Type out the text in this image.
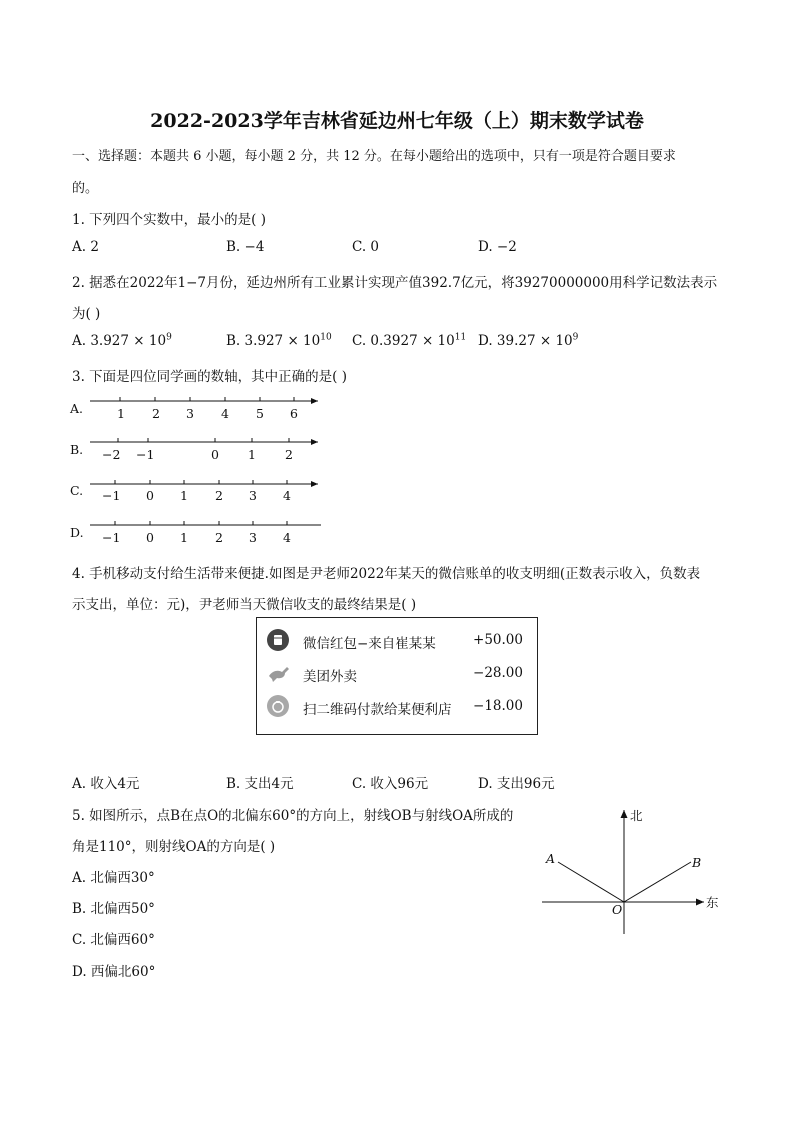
2022-2023学年吉林省延边州七年级（上）期末数学试卷
一、选择题：本题共 6 小题，每小题 2 分，共 12 分。在每小题给出的选项中，只有一项是符合题目要求
的。
1. 下列四个实数中，最小的是( )
A. 2	B. −4	C. 0	D. −2
2. 据悉在2022年1−7月份，延边州所有工业累计实现产值392.7亿元，将39270000000用科学记数法表示
为( )
A. $3.927 \times 10^9$	B. $3.927 \times 10^{10}$ C. $0.3927 \times 10^{11}$ D. $39.27 \times 10^9$
3. 下面是四位同学画的数轴，其中正确的是( )
A.	1 2 3 4 5 6
B. −2 −1	0 1 2
C. −1 0 1 2 3 4
D. −1 0 1 2 3 4
4. 手机移动支付给生活带来便捷.如图是尹老师2022年某天的微信账单的收支明细(正数表示收入，负数表
示支出，单位：元)，尹老师当天微信收支的最终结果是( )
微信红包−来自崔某某	+50.00
美团外卖	−28.00
扫二维码付款给某便利店 −18.00
A. 收入4元	B. 支出4元	C. 收入96元	D. 支出96元
5. 如图所示，点B在点O的北偏东60°的方向上，射线OB与射线OA所成的
角是110°，则射线OA的方向是( )
A. 北偏西30°
B. 北偏西50°
C. 北偏西60°
D. 西偏北60°
北
东
A	B
O
